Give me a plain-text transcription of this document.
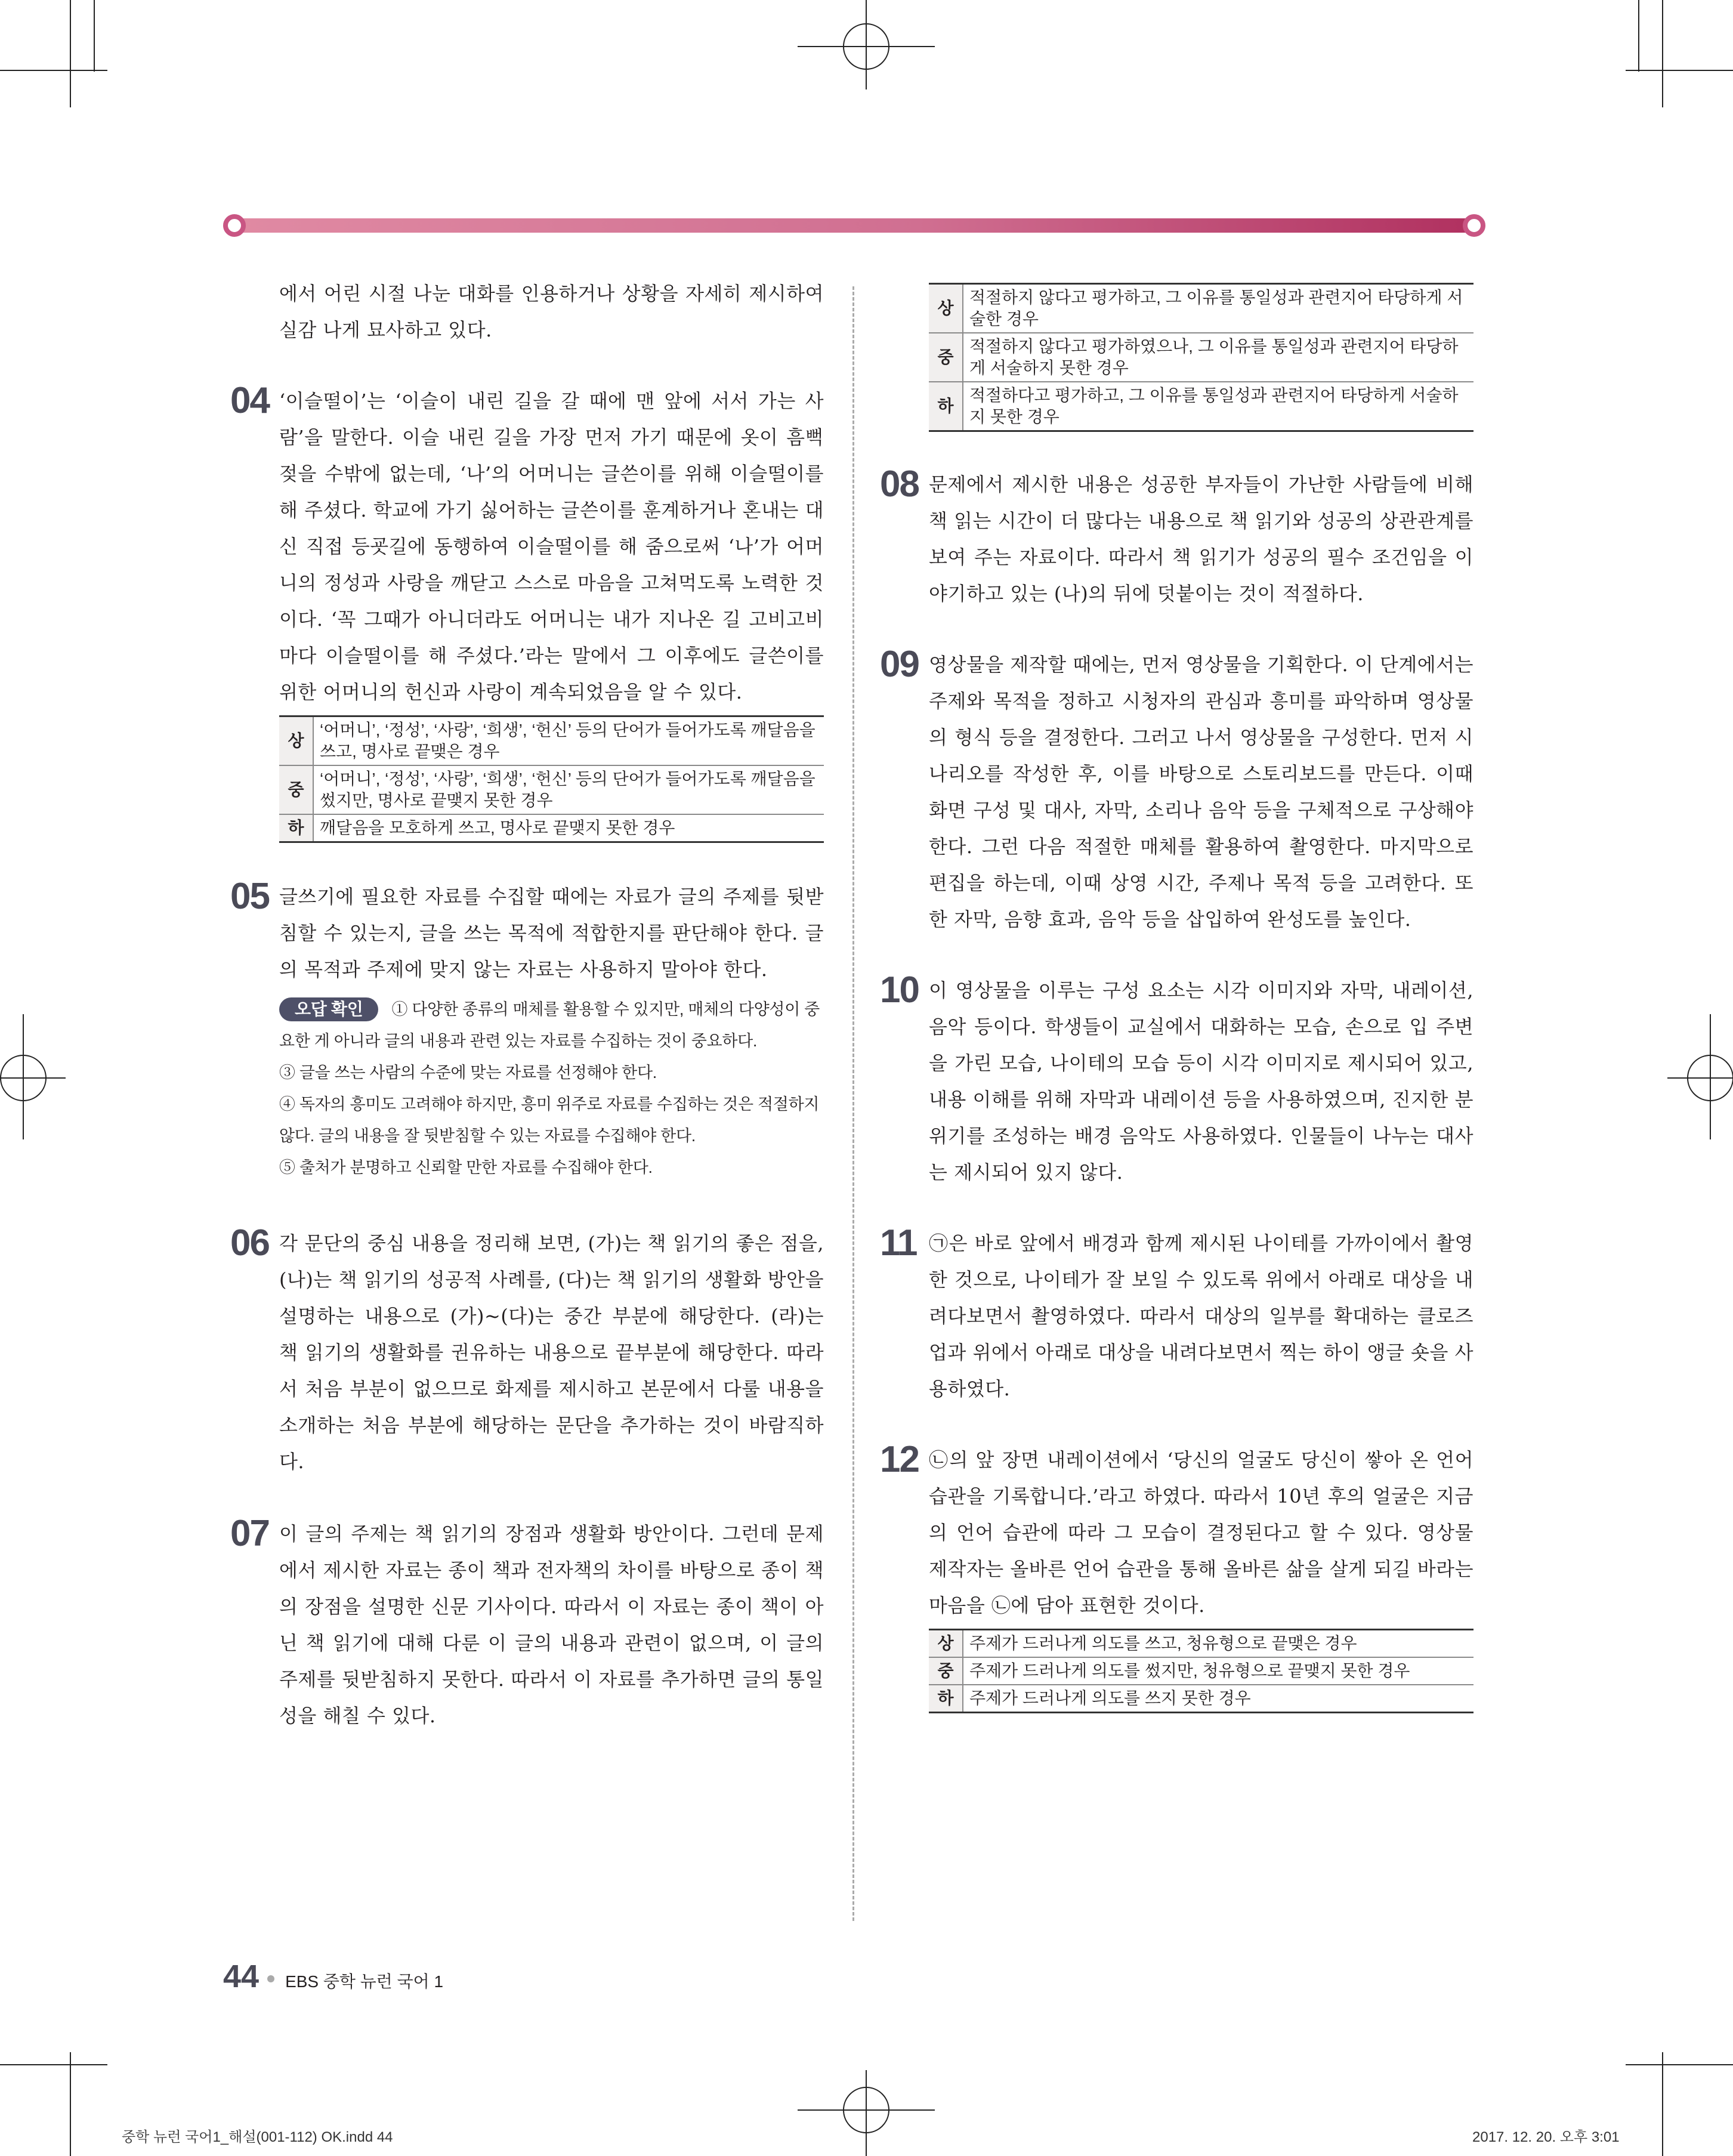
에서 어린 시절 나눈 대화를 인용하거나 상황을 자세히 제시하여 실감 나게 묘사하고 있다.

04 ‘이슬떨이’는 ‘이슬이 내린 길을 갈 때에 맨 앞에 서서 가는 사람’을 말한다. 이슬 내린 길을 가장 먼저 가기 때문에 옷이 흠뻑 젖을 수밖에 없는데, ‘나’의 어머니는 글쓴이를 위해 이슬떨이를 해 주셨다. 학교에 가기 싫어하는 글쓴이를 훈계하거나 혼내는 대신 직접 등굣길에 동행하여 이슬떨이를 해 줌으로써 ‘나’가 어머니의 정성과 사랑을 깨닫고 스스로 마음을 고쳐먹도록 노력한 것이다. ‘꼭 그때가 아니더라도 어머니는 내가 지나온 길 고비고비마다 이슬떨이를 해 주셨다.’라는 말에서 그 이후에도 글쓴이를 위한 어머니의 헌신과 사랑이 계속되었음을 알 수 있다.

상	‘어머니’, ‘정성’, ‘사랑’, ‘희생’, ‘헌신’ 등의 단어가 들어가도록 깨달음을 쓰고, 명사로 끝맺은 경우
중	‘어머니’, ‘정성’, ‘사랑’, ‘희생’, ‘헌신’ 등의 단어가 들어가도록 깨달음을 썼지만, 명사로 끝맺지 못한 경우
하	깨달음을 모호하게 쓰고, 명사로 끝맺지 못한 경우
05 글쓰기에 필요한 자료를 수집할 때에는 자료가 글의 주제를 뒷받침할 수 있는지, 글을 쓰는 목적에 적합한지를 판단해야 한다. 글의 목적과 주제에 맞지 않는 자료는 사용하지 말아야 한다.

오답 확인 ① 다양한 종류의 매체를 활용할 수 있지만, 매체의 다양성이 중요한 게 아니라 글의 내용과 관련 있는 자료를 수집하는 것이 중요하다.

③ 글을 쓰는 사람의 수준에 맞는 자료를 선정해야 한다.

④ 독자의 흥미도 고려해야 하지만, 흥미 위주로 자료를 수집하는 것은 적절하지 않다. 글의 내용을 잘 뒷받침할 수 있는 자료를 수집해야 한다.

⑤ 출처가 분명하고 신뢰할 만한 자료를 수집해야 한다.

06 각 문단의 중심 내용을 정리해 보면, (가)는 책 읽기의 좋은 점을, (나)는 책 읽기의 성공적 사례를, (다)는 책 읽기의 생활화 방안을 설명하는 내용으로 (가)~(다)는 중간 부분에 해당한다. (라)는 책 읽기의 생활화를 권유하는 내용으로 끝부분에 해당한다. 따라서 처음 부분이 없으므로 화제를 제시하고 본문에서 다룰 내용을 소개하는 처음 부분에 해당하는 문단을 추가하는 것이 바람직하다.

07 이 글의 주제는 책 읽기의 장점과 생활화 방안이다. 그런데 문제에서 제시한 자료는 종이 책과 전자책의 차이를 바탕으로 종이 책의 장점을 설명한 신문 기사이다. 따라서 이 자료는 종이 책이 아닌 책 읽기에 대해 다룬 이 글의 내용과 관련이 없으며, 이 글의 주제를 뒷받침하지 못한다. 따라서 이 자료를 추가하면 글의 통일성을 해칠 수 있다.

상	적절하지 않다고 평가하고, 그 이유를 통일성과 관련지어 타당하게 서술한 경우
중	적절하지 않다고 평가하였으나, 그 이유를 통일성과 관련지어 타당하게 서술하지 못한 경우
하	적절하다고 평가하고, 그 이유를 통일성과 관련지어 타당하게 서술하지 못한 경우
08 문제에서 제시한 내용은 성공한 부자들이 가난한 사람들에 비해 책 읽는 시간이 더 많다는 내용으로 책 읽기와 성공의 상관관계를 보여 주는 자료이다. 따라서 책 읽기가 성공의 필수 조건임을 이야기하고 있는 (나)의 뒤에 덧붙이는 것이 적절하다.

09 영상물을 제작할 때에는, 먼저 영상물을 기획한다. 이 단계에서는 주제와 목적을 정하고 시청자의 관심과 흥미를 파악하며 영상물의 형식 등을 결정한다. 그러고 나서 영상물을 구성한다. 먼저 시나리오를 작성한 후, 이를 바탕으로 스토리보드를 만든다. 이때 화면 구성 및 대사, 자막, 소리나 음악 등을 구체적으로 구상해야 한다. 그런 다음 적절한 매체를 활용하여 촬영한다. 마지막으로 편집을 하는데, 이때 상영 시간, 주제나 목적 등을 고려한다. 또한 자막, 음향 효과, 음악 등을 삽입하여 완성도를 높인다.

10 이 영상물을 이루는 구성 요소는 시각 이미지와 자막, 내레이션, 음악 등이다. 학생들이 교실에서 대화하는 모습, 손으로 입 주변을 가린 모습, 나이테의 모습 등이 시각 이미지로 제시되어 있고, 내용 이해를 위해 자막과 내레이션 등을 사용하였으며, 진지한 분위기를 조성하는 배경 음악도 사용하였다. 인물들이 나누는 대사는 제시되어 있지 않다.

11 ㉠은 바로 앞에서 배경과 함께 제시된 나이테를 가까이에서 촬영한 것으로, 나이테가 잘 보일 수 있도록 위에서 아래로 대상을 내려다보면서 촬영하였다. 따라서 대상의 일부를 확대하는 클로즈업과 위에서 아래로 대상을 내려다보면서 찍는 하이 앵글 숏을 사용하였다.

12 ㉡의 앞 장면 내레이션에서 ‘당신의 얼굴도 당신이 쌓아 온 언어 습관을 기록합니다.’라고 하였다. 따라서 10년 후의 얼굴은 지금의 언어 습관에 따라 그 모습이 결정된다고 할 수 있다. 영상물 제작자는 올바른 언어 습관을 통해 올바른 삶을 살게 되길 바라는 마음을 ㉡에 담아 표현한 것이다.

상	주제가 드러나게 의도를 쓰고, 청유형으로 끝맺은 경우
중	주제가 드러나게 의도를 썼지만, 청유형으로 끝맺지 못한 경우
하	주제가 드러나게 의도를 쓰지 못한 경우
44 EBS 중학 뉴런 국어 1
중학 뉴런 국어1_해설(001-112) OK.indd 44	2017. 12. 20. 오후 3:01
